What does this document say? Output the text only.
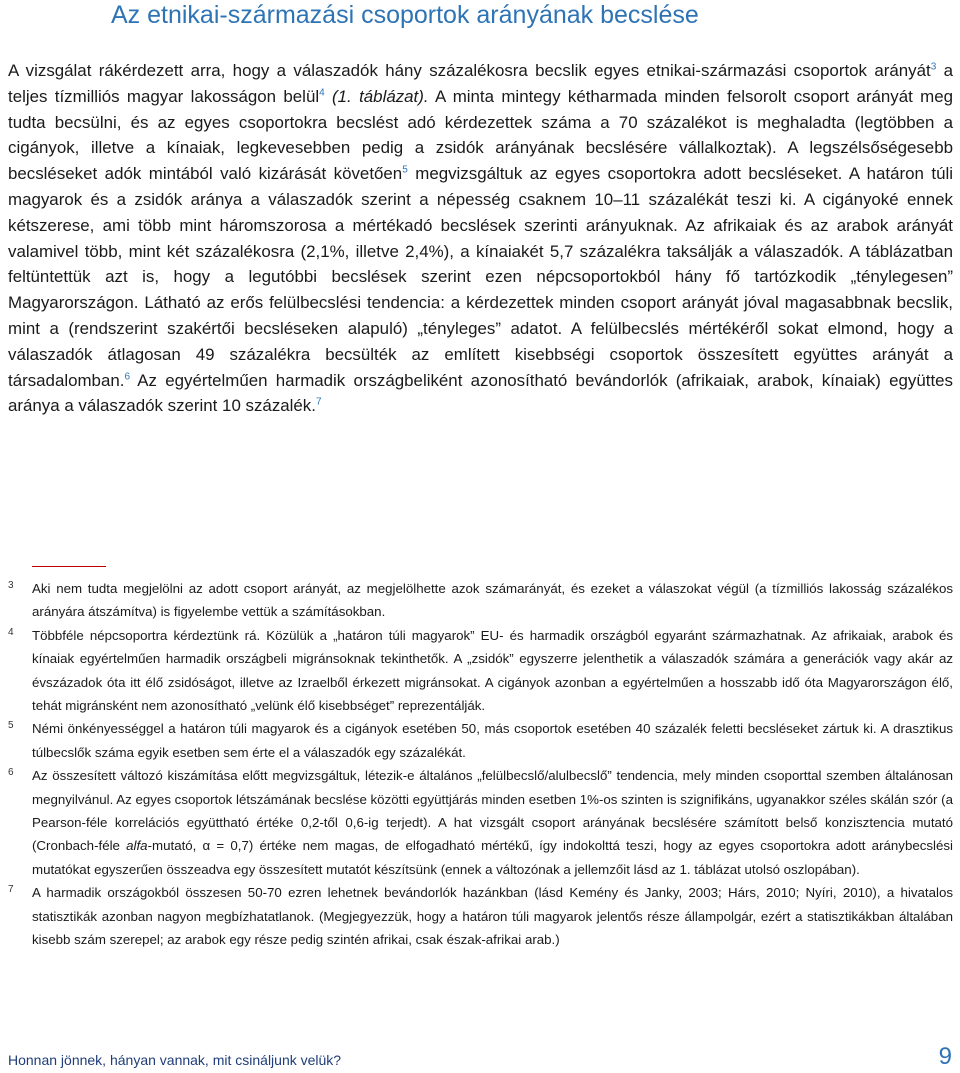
Az etnikai-származási csoportok arányának becslése

A vizsgálat rákérdezett arra, hogy a válaszadók hány százalékosra becslik egyes etnikai-származási csoportok arányát$^3$ a teljes tízmilliós magyar lakosságon belül$^4$ (1. táblázat). A minta mintegy kétharmada minden felsorolt csoport arányát meg tudta becsülni, és az egyes csoportokra becslést adó kérdezettek száma a 70 százalékot is meghaladta (legtöbben a cigányok, illetve a kínaiak, legkevesebben pedig a zsidók arányának becslésére vállalkoztak). A legszélsőségesebb becsléseket adók mintából való kizárását követően$^5$ megvizsgáltuk az egyes csoportokra adott becsléseket. A határon túli magyarok és a zsidók aránya a válaszadók szerint a népesség csaknem 10–11 százalékát teszi ki. A cigányoké ennek kétszerese, ami több mint háromszorosa a mértékadó becslések szerinti arányuknak. Az afrikaiak és az arabok arányát valamivel több, mint két százalékosra (2,1%, illetve 2,4%), a kínaiakét 5,7 százalékra taksálják a válaszadók. A táblázatban feltüntettük azt is, hogy a legutóbbi becslések szerint ezen népcsoportokból hány fő tartózkodik „ténylegesen” Magyarországon. Látható az erős felülbecslési tendencia: a kérdezettek minden csoport arányát jóval magasabbnak becslik, mint a (rendszerint szakértői becsléseken alapuló) „tényleges” adatot. A felülbecslés mértékéről sokat elmond, hogy a válaszadók átlagosan 49 százalékra becsülték az említett kisebbségi csoportok összesített együttes arányát a társadalomban.$^6$ Az egyértelműen harmadik országbeliként azonosítható bevándorlók (afrikaiak, arabok, kínaiak) együttes aránya a válaszadók szerint 10 százalék.$^7$

3	Aki nem tudta megjelölni az adott csoport arányát, az megjelölhette azok számarányát, és ezeket a válaszokat végül (a tízmilliós lakosság százalékos arányára átszámítva) is figyelembe vettük a számításokban.
4	Többféle népcsoportra kérdeztünk rá. Közülük a „határon túli magyarok” EU- és harmadik országból egyaránt származhatnak. Az afrikaiak, arabok és kínaiak egyértelműen harmadik országbeli migránsoknak tekinthetők. A „zsidók” egyszerre jelenthetik a válaszadók számára a generációk vagy akár az évszázadok óta itt élő zsidóságot, illetve az Izraelből érkezett migránsokat. A cigányok azonban a egyértelműen a hosszabb idő óta Magyarországon élő, tehát migránsként nem azonosítható „velünk élő kisebbséget” reprezentálják.
5	Némi önkényességgel a határon túli magyarok és a cigányok esetében 50, más csoportok esetében 40 százalék feletti becsléseket zártuk ki. A drasztikus túlbecslők száma egyik esetben sem érte el a válaszadók egy százalékát.
6	Az összesített változó kiszámítása előtt megvizsgáltuk, létezik-e általános „felülbecslő/alulbecslő” tendencia, mely minden csoporttal szemben általánosan megnyilvánul. Az egyes csoportok létszámának becslése közötti együttjárás minden esetben 1%-os szinten is szignifikáns, ugyanakkor széles skálán szór (a Pearson-féle korrelációs együttható értéke 0,2-től 0,6-ig terjedt). A hat vizsgált csoport arányának becslésére számított belső konzisztencia mutató (Cronbach-féle alfa-mutató, α = 0,7) értéke nem magas, de elfogadható mértékű, így indokolttá teszi, hogy az egyes csoportokra adott aránybecslési mutatókat egyszerűen összeadva egy összesített mutatót készítsünk (ennek a változónak a jellemzőit lásd az 1. táblázat utolsó oszlopában).
7	A harmadik országokból összesen 50-70 ezren lehetnek bevándorlók hazánkban (lásd Kemény és Janky, 2003; Hárs, 2010; Nyíri, 2010), a hivatalos statisztikák azonban nagyon megbízhatatlanok. (Megjegyezzük, hogy a határon túli magyarok jelentős része állampolgár, ezért a statisztikákban általában kisebb szám szerepel; az arabok egy része pedig szintén afrikai, csak észak-afrikai arab.)
Honnan jönnek, hányan vannak, mit csináljunk velük?	9
